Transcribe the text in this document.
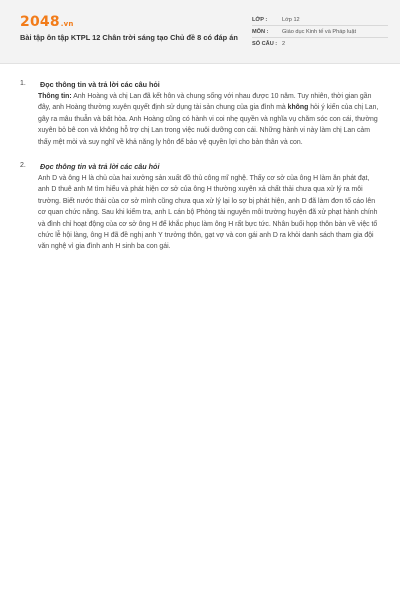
2048.vn
Bài tập ôn tập KTPL 12 Chân trời sáng tạo Chủ đề 8 có đáp án
LỚP :	Lớp 12
MÔN :	Giáo dục Kinh tế và Pháp luật
SỐ CÂU : 2
1. Đọc thông tin và trả lời các câu hỏi
Thông tin: Anh Hoàng và chị Lan đã kết hôn và chung sống với nhau được 10 năm. Tuy nhiên, thời gian gần đây, anh Hoàng thường xuyên quyết định sử dụng tài sản chung của gia đình mà không hỏi ý kiến của chị Lan, gây ra mâu thuẫn và bất hòa. Anh Hoàng cũng có hành vi coi nhẹ quyền và nghĩa vụ chăm sóc con cái, thường xuyên bỏ bê con và không hỗ trợ chị Lan trong việc nuôi dưỡng con cái. Những hành vi này làm chị Lan cảm thấy mệt mỏi và suy nghĩ về khả năng ly hôn để bảo vệ quyền lợi cho bản thân và con.
2. Đọc thông tin và trả lời các câu hỏi
Anh D và ông H là chủ của hai xưởng sản xuất đồ thủ công mĩ nghệ. Thấy cơ sở của ông H làm ăn phát đạt, anh D thuê anh M tìm hiểu và phát hiện cơ sở của ông H thường xuyên xả chất thải chưa qua xử lý ra môi trường. Biết nước thải của cơ sở mình cũng chưa qua xử lý lại lo sợ bị phát hiện, anh D đã làm đơn tố cáo lên cơ quan chức năng. Sau khi kiểm tra, anh L cán bộ Phòng tài nguyên môi trường huyện đã xử phạt hành chính và đình chỉ hoạt động của cơ sở ông H để khắc phục làm ông H rất bực tức. Nhân buổi họp thôn bàn về việc tổ chức lễ hội làng, ông H đã đề nghị anh Y trưởng thôn, gạt vợ và con gái anh D ra khỏi danh sách tham gia đội văn nghệ vì gia đình anh H sinh ba con gái.
